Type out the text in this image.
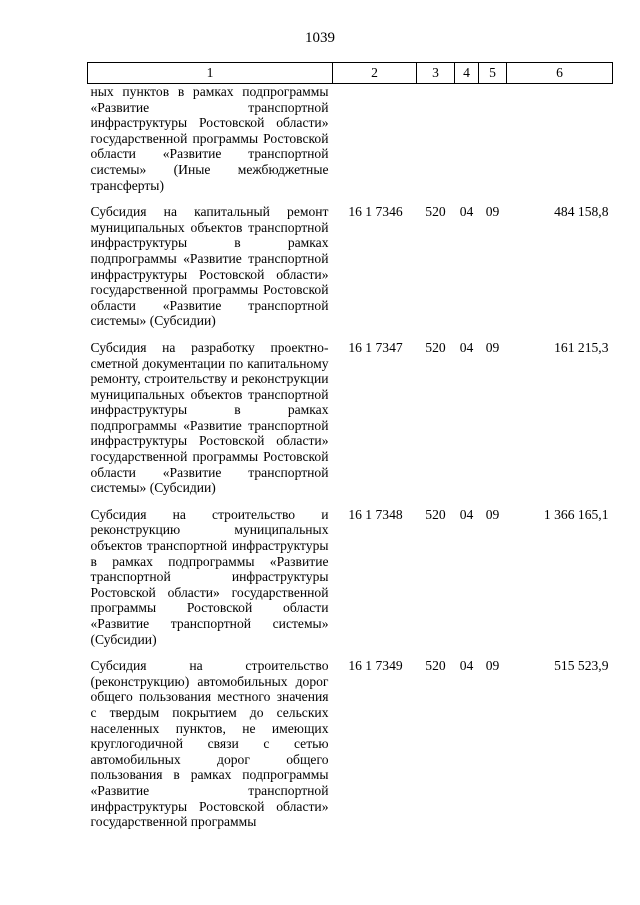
1039
1	2	3	4	5	6
ных пунктов в рамках подпрограммы «Развитие транспортной инфраструктуры Ростовской области» государственной программы Ростовской области «Развитие транспортной системы» (Иные межбюджетные трансферты)					
Субсидия на капитальный ремонт муниципальных объектов транспортной инфраструктуры в рамках подпрограммы «Развитие транспортной инфраструктуры Ростовской области» государственной программы Ростовской области «Развитие транспортной системы» (Субсидии)	16 1 7346	520	04	09	484 158,8
Субсидия на разработку проектно-сметной документации по капитальному ремонту, строительству и реконструкции муниципальных объектов транспортной инфраструктуры в рамках подпрограммы «Развитие транспортной инфраструктуры Ростовской области» государственной программы Ростовской области «Развитие транспортной системы» (Субсидии)	16 1 7347	520	04	09	161 215,3
Субсидия на строительство и реконструкцию муниципальных объектов транспортной инфраструктуры в рамках подпрограммы «Развитие транспортной инфраструктуры Ростовской области» государственной программы Ростовской области «Развитие транспортной системы» (Субсидии)	16 1 7348	520	04	09	1 366 165,1
Субсидия на строительство (реконструкцию) автомобильных дорог общего пользования местного значения с твердым покрытием до сельских населенных пунктов, не имеющих круглогодичной связи с сетью автомобильных дорог общего пользования в рамках подпрограммы «Развитие транспортной инфраструктуры Ростовской области» государственной программы	16 1 7349	520	04	09	515 523,9
